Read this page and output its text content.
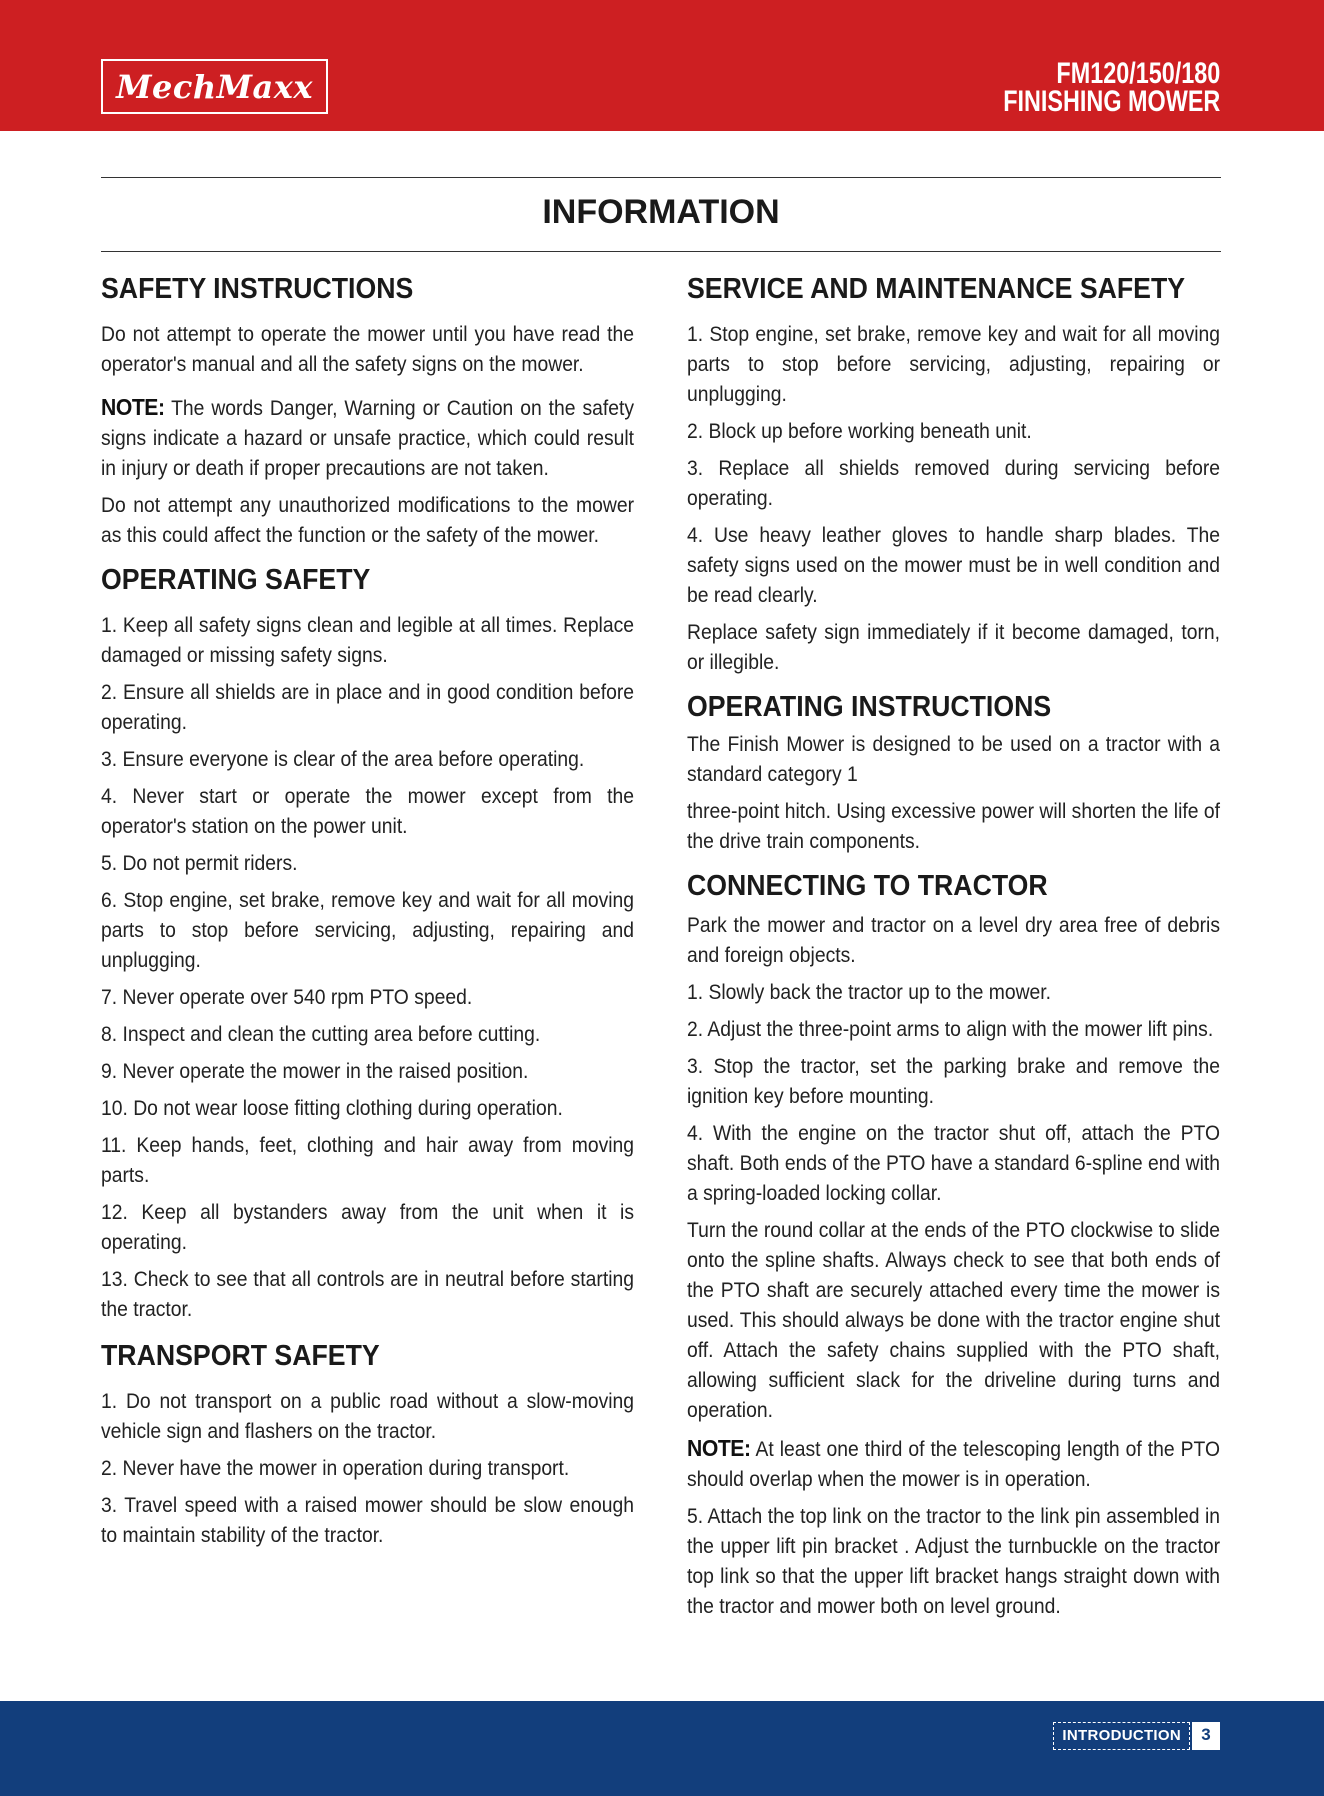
MechMaxx	FM120/150/180
FINISHING MOWER
INFORMATION
SAFETY INSTRUCTIONS

Do not attempt to operate the mower until you have read the operator's manual and all the safety signs on the mower.

NOTE: The words Danger, Warning or Caution on the safety signs indicate a hazard or unsafe practice, which could result in injury or death if proper precautions are not taken.

Do not attempt any unauthorized modifications to the mower as this could affect the function or the safety of the mower.

OPERATING SAFETY

1. Keep all safety signs clean and legible at all times. Replace damaged or missing safety signs.

2. Ensure all shields are in place and in good condition before operating.

3. Ensure everyone is clear of the area before operating.

4. Never start or operate the mower except from the operator's station on the power unit.

5. Do not permit riders.

6. Stop engine, set brake, remove key and wait for all moving parts to stop before servicing, adjusting, repairing and unplugging.

7. Never operate over 540 rpm PTO speed.

8. Inspect and clean the cutting area before cutting.

9. Never operate the mower in the raised position.

10. Do not wear loose fitting clothing during operation.

11. Keep hands, feet, clothing and hair away from moving parts.

12. Keep all bystanders away from the unit when it is operating.

13. Check to see that all controls are in neutral before starting the tractor.

TRANSPORT SAFETY

1. Do not transport on a public road without a slow-moving vehicle sign and flashers on the tractor.

2. Never have the mower in operation during transport.

3. Travel speed with a raised mower should be slow enough to maintain stability of the tractor.

SERVICE AND MAINTENANCE SAFETY

1. Stop engine, set brake, remove key and wait for all moving parts to stop before servicing, adjusting, repairing or unplugging.

2. Block up before working beneath unit.

3. Replace all shields removed during servicing before operating.

4. Use heavy leather gloves to handle sharp blades. The safety signs used on the mower must be in well condition and be read clearly.

Replace safety sign immediately if it become damaged, torn, or illegible.

OPERATING INSTRUCTIONS

The Finish Mower is designed to be used on a tractor with a standard category 1

three-point hitch. Using excessive power will shorten the life of the drive train components.

CONNECTING TO TRACTOR

Park the mower and tractor on a level dry area free of debris and foreign objects.

1. Slowly back the tractor up to the mower.

2. Adjust the three-point arms to align with the mower lift pins.

3. Stop the tractor, set the parking brake and remove the ignition key before mounting.

4. With the engine on the tractor shut off, attach the PTO shaft. Both ends of the PTO have a standard 6-spline end with a spring-loaded locking collar.

Turn the round collar at the ends of the PTO clockwise to slide onto the spline shafts. Always check to see that both ends of the PTO shaft are securely attached every time the mower is used. This should always be done with the tractor engine shut off. Attach the safety chains supplied with the PTO shaft, allowing sufficient slack for the driveline during turns and operation.

NOTE: At least one third of the telescoping length of the PTO should overlap when the mower is in operation.

5. Attach the top link on the tractor to the link pin assembled in the upper lift pin bracket . Adjust the turnbuckle on the tractor top link so that the upper lift bracket hangs straight down with the tractor and mower both on level ground.

INTRODUCTION	3
